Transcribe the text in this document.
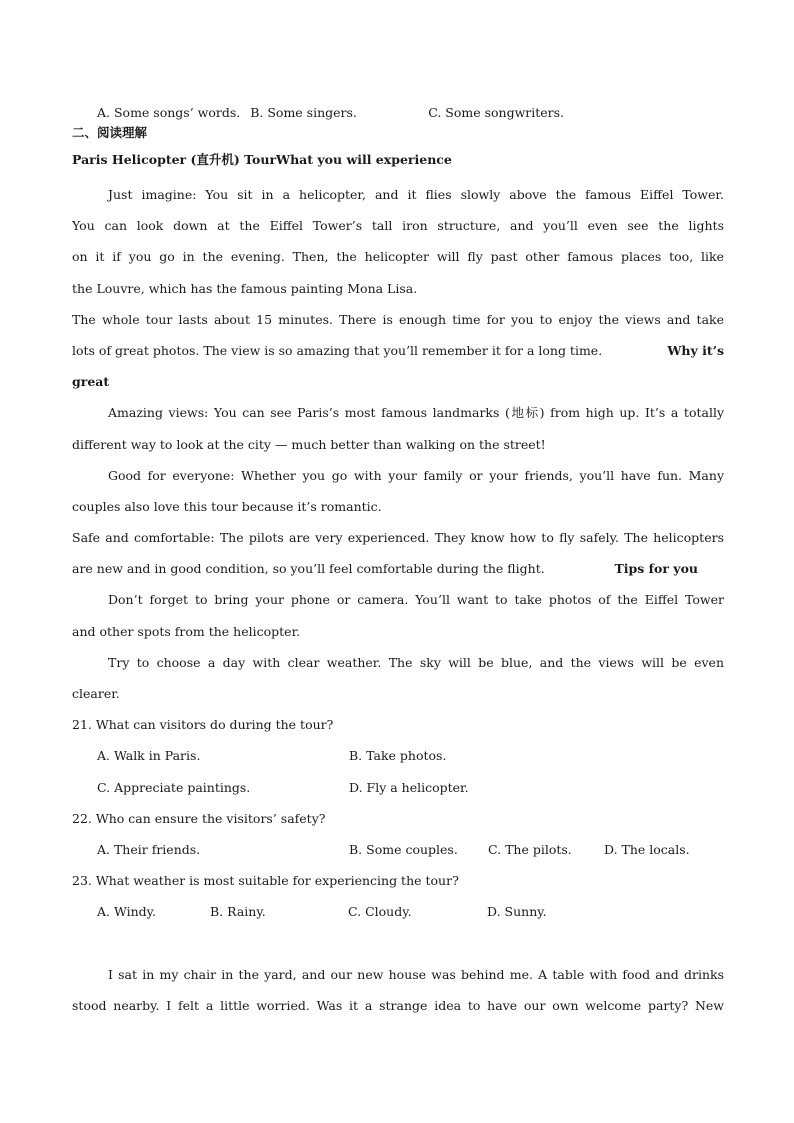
A. Some songs’ words. B. Some singers.	C. Some songwriters.
二、阅读理解
Paris Helicopter (直升机) TourWhat you will experience
Just imagine: You sit in a helicopter, and it flies slowly above the famous Eiffel Tower.
You can look down at the Eiffel Tower’s tall iron structure, and you’ll even see the lights
on it if you go in the evening. Then, the helicopter will fly past other famous places too, like
the Louvre, which has the famous painting Mona Lisa.
The whole tour lasts about 15 minutes. There is enough time for you to enjoy the views and take
lots of great photos. The view is so amazing that you’ll remember it for a long time.	Why it’s
great
Amazing views: You can see Paris’s most famous landmarks (地标) from high up. It’s a totally
different way to look at the city — much better than walking on the street!
Good for everyone: Whether you go with your family or your friends, you’ll have fun. Many
couples also love this tour because it’s romantic.
Safe and comfortable: The pilots are very experienced. They know how to fly safely. The helicopters
are new and in good condition, so you’ll feel comfortable during the flight.	Tips for you
Don’t forget to bring your phone or camera. You’ll want to take photos of the Eiffel Tower
and other spots from the helicopter.
Try to choose a day with clear weather. The sky will be blue, and the views will be even
clearer.
21. What can visitors do during the tour?
A. Walk in Paris.	B. Take photos.
C. Appreciate paintings.	D. Fly a helicopter.
22. Who can ensure the visitors’ safety?
A. Their friends.	B. Some couples. C. The pilots.	D. The locals.
23. What weather is most suitable for experiencing the tour?
A. Windy.	B. Rainy.	C. Cloudy.	D. Sunny.
I sat in my chair in the yard, and our new house was behind me. A table with food and drinks
stood nearby. I felt a little worried. Was it a strange idea to have our own welcome party? New
